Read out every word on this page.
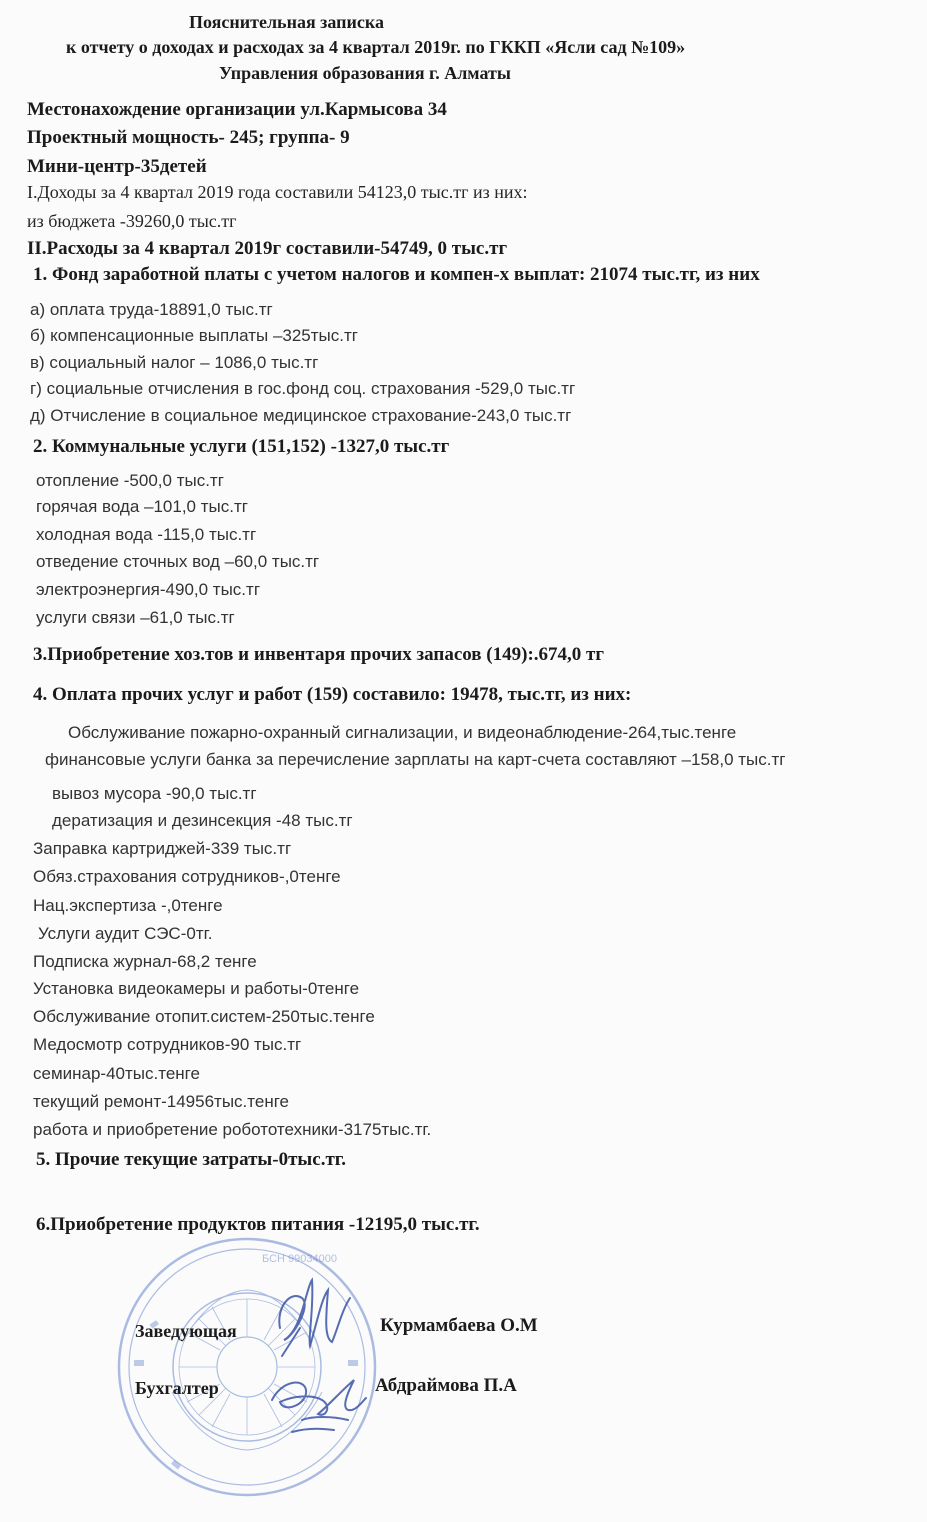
БСН 99034000
Пояснительная записка
к отчету о доходах и расходах за 4 квартал 2019г. по ГККП «Ясли сад №109»
Управления образования г. Алматы
Местонахождение организации ул.Кармысова 34
Проектный мощность- 245; группа- 9
Мини-центр-35детей
I.Доходы за 4 квартал 2019 года составили 54123,0 тыс.тг из них:
из бюджета -39260,0 тыс.тг
II.Расходы за 4 квартал 2019г составили-54749, 0 тыс.тг
1. Фонд заработной платы с учетом налогов и компен-х выплат: 21074 тыс.тг, из них
а) оплата труда-18891,0 тыс.тг
б) компенсационные выплаты –325тыс.тг
в) социальный налог – 1086,0 тыс.тг
г) социальные отчисления в гос.фонд соц. страхования -529,0 тыс.тг
д) Отчисление в социальное медицинское страхование-243,0 тыс.тг
2. Коммунальные услуги (151,152) -1327,0 тыс.тг
отопление -500,0 тыс.тг
горячая вода –101,0 тыс.тг
холодная вода -115,0 тыс.тг
отведение сточных вод –60,0 тыс.тг
электроэнергия-490,0 тыс.тг
услуги связи –61,0 тыс.тг
3.Приобретение хоз.тов и инвентаря прочих запасов (149):.674,0 тг
4. Оплата прочих услуг и работ (159) составило: 19478, тыс.тг, из них:
Обслуживание пожарно-охранный сигнализации, и видеонаблюдение-264,тыс.тенге
финансовые услуги банка за перечисление зарплаты на карт-счета составляют –158,0 тыс.тг
вывоз мусора -90,0 тыс.тг
дератизация и дезинсекция -48 тыс.тг
Заправка картриджей-339 тыс.тг
Обяз.страхования сотрудников-,0тенге
Нац.экспертиза -,0тенге
Услуги аудит СЭС-0тг.
Подписка журнал-68,2 тенге
Установка видеокамеры и работы-0тенге
Обслуживание отопит.систем-250тыс.тенге
Медосмотр сотрудников-90 тыс.тг
семинар-40тыс.тенге
текущий ремонт-14956тыс.тенге
работа и приобретение робототехники-3175тыс.тг.
5. Прочие текущие затраты-0тыс.тг.
6.Приобретение продуктов питания -12195,0 тыс.тг.
Заведующая	Курмамбаева О.М
Бухгалтер	Абдраймова П.А
